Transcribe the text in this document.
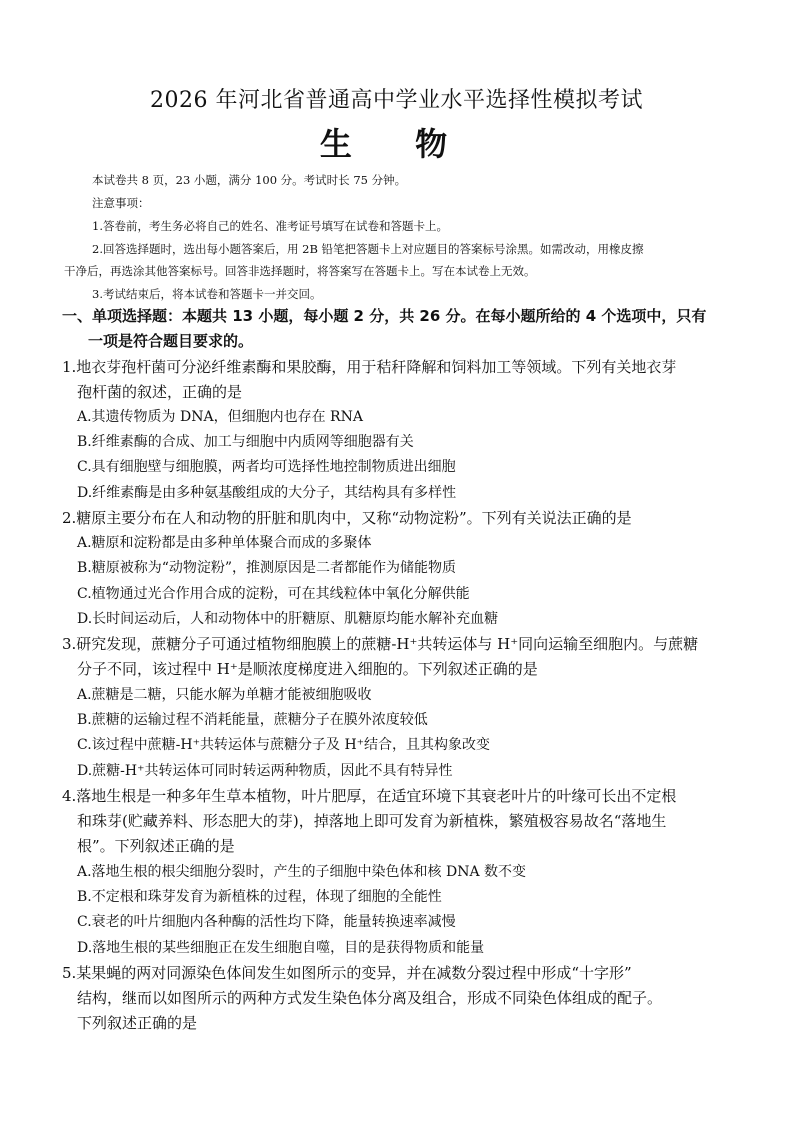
2026 年河北省普通高中学业水平选择性模拟考试
生 物
本试卷共 8 页，23 小题，满分 100 分。考试时长 75 分钟。
注意事项：
1.答卷前，考生务必将自己的姓名、准考证号填写在试卷和答题卡上。
2.回答选择题时，选出每小题答案后，用 2B 铅笔把答题卡上对应题目的答案标号涂黑。如需改动，用橡皮擦
干净后，再选涂其他答案标号。回答非选择题时，将答案写在答题卡上。写在本试卷上无效。
3.考试结束后，将本试卷和答题卡一并交回。
一、单项选择题：本题共 13 小题，每小题 2 分，共 26 分。在每小题所给的 4 个选项中，只有
一项是符合题目要求的。
1.地衣芽孢杆菌可分泌纤维素酶和果胶酶，用于秸秆降解和饲料加工等领域。下列有关地衣芽
孢杆菌的叙述，正确的是
A.其遗传物质为 DNA，但细胞内也存在 RNA
B.纤维素酶的合成、加工与细胞中内质网等细胞器有关
C.具有细胞壁与细胞膜，两者均可选择性地控制物质进出细胞
D.纤维素酶是由多种氨基酸组成的大分子，其结构具有多样性
2.糖原主要分布在人和动物的肝脏和肌肉中，又称“动物淀粉”。下列有关说法正确的是
A.糖原和淀粉都是由多种单体聚合而成的多聚体
B.糖原被称为“动物淀粉”，推测原因是二者都能作为储能物质
C.植物通过光合作用合成的淀粉，可在其线粒体中氧化分解供能
D.长时间运动后，人和动物体中的肝糖原、肌糖原均能水解补充血糖
3.研究发现，蔗糖分子可通过植物细胞膜上的蔗糖-H⁺共转运体与 H⁺同向运输至细胞内。与蔗糖
分子不同，该过程中 H⁺是顺浓度梯度进入细胞的。下列叙述正确的是
A.蔗糖是二糖，只能水解为单糖才能被细胞吸收
B.蔗糖的运输过程不消耗能量，蔗糖分子在膜外浓度较低
C.该过程中蔗糖-H⁺共转运体与蔗糖分子及 H⁺结合，且其构象改变
D.蔗糖-H⁺共转运体可同时转运两种物质，因此不具有特异性
4.落地生根是一种多年生草本植物，叶片肥厚，在适宜环境下其衰老叶片的叶缘可长出不定根
和珠芽(贮藏养料、形态肥大的芽)，掉落地上即可发育为新植株，繁殖极容易故名“落地生
根”。下列叙述正确的是
A.落地生根的根尖细胞分裂时，产生的子细胞中染色体和核 DNA 数不变
B.不定根和珠芽发育为新植株的过程，体现了细胞的全能性
C.衰老的叶片细胞内各种酶的活性均下降，能量转换速率减慢
D.落地生根的某些细胞正在发生细胞自噬，目的是获得物质和能量
5.某果蝇的两对同源染色体间发生如图所示的变异，并在减数分裂过程中形成“十字形”
结构，继而以如图所示的两种方式发生染色体分离及组合，形成不同染色体组成的配子。
下列叙述正确的是
